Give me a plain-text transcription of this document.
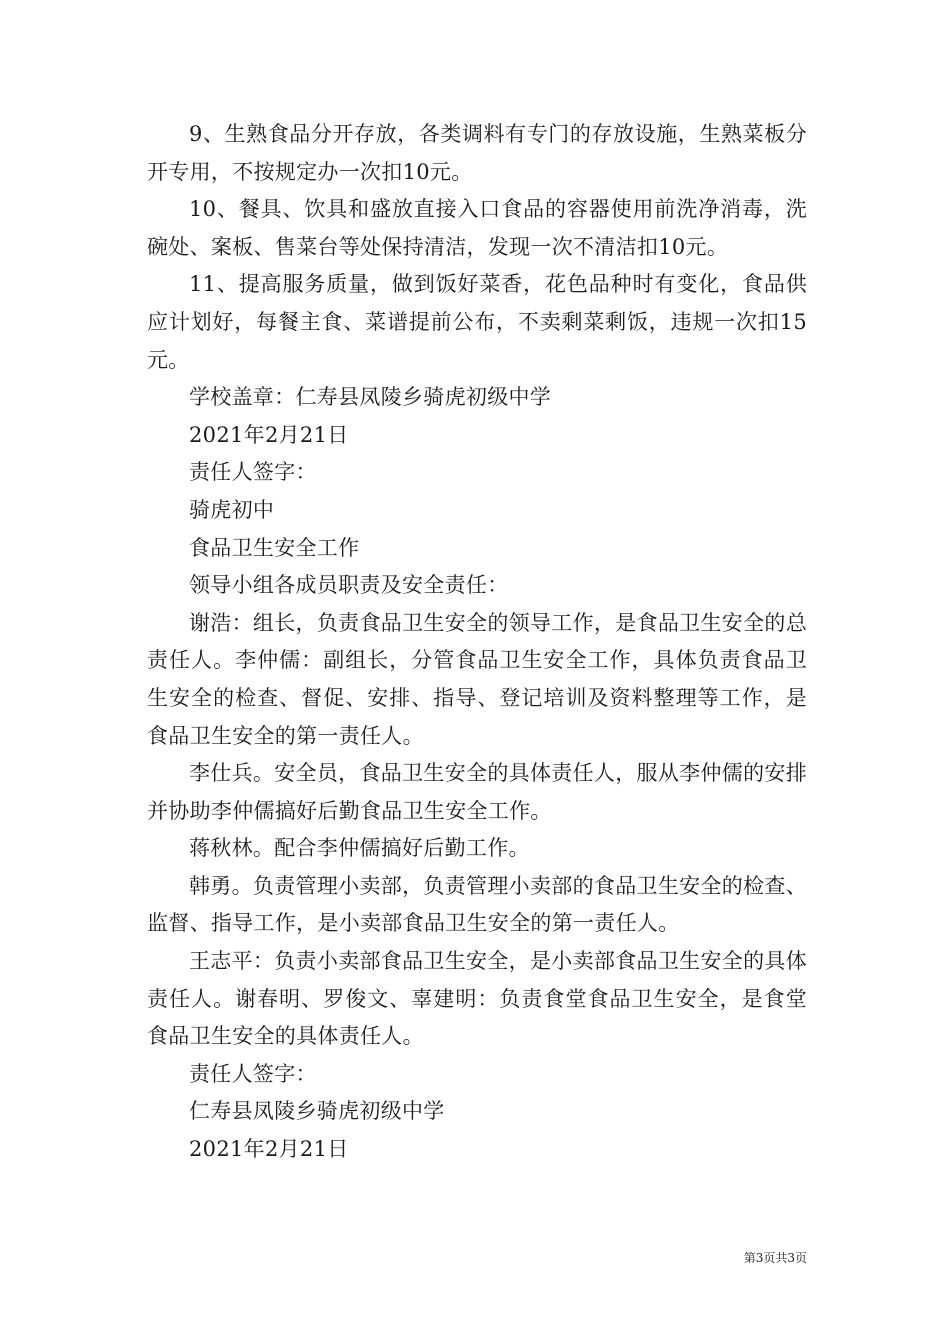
9、生熟食品分开存放，各类调料有专门的存放设施，生熟菜板分开专用，不按规定办一次扣10元。

10、餐具、饮具和盛放直接入口食品的容器使用前洗净消毒，洗碗处、案板、售菜台等处保持清洁，发现一次不清洁扣10元。

11、提高服务质量，做到饭好菜香，花色品种时有变化，食品供应计划好，每餐主食、菜谱提前公布，不卖剩菜剩饭，违规一次扣15元。

学校盖章：仁寿县凤陵乡骑虎初级中学

2021年2月21日

责任人签字：

骑虎初中

食品卫生安全工作

领导小组各成员职责及安全责任：

谢浩：组长，负责食品卫生安全的领导工作，是食品卫生安全的总责任人。李仲儒：副组长，分管食品卫生安全工作，具体负责食品卫生安全的检查、督促、安排、指导、登记培训及资料整理等工作，是食品卫生安全的第一责任人。

李仕兵。安全员，食品卫生安全的具体责任人，服从李仲儒的安排并协助李仲儒搞好后勤食品卫生安全工作。

蒋秋林。配合李仲儒搞好后勤工作。

韩勇。负责管理小卖部，负责管理小卖部的食品卫生安全的检查、监督、指导工作，是小卖部食品卫生安全的第一责任人。

王志平：负责小卖部食品卫生安全，是小卖部食品卫生安全的具体责任人。谢春明、罗俊文、辜建明：负责食堂食品卫生安全，是食堂食品卫生安全的具体责任人。

责任人签字：

仁寿县凤陵乡骑虎初级中学

2021年2月21日

第3页共3页
